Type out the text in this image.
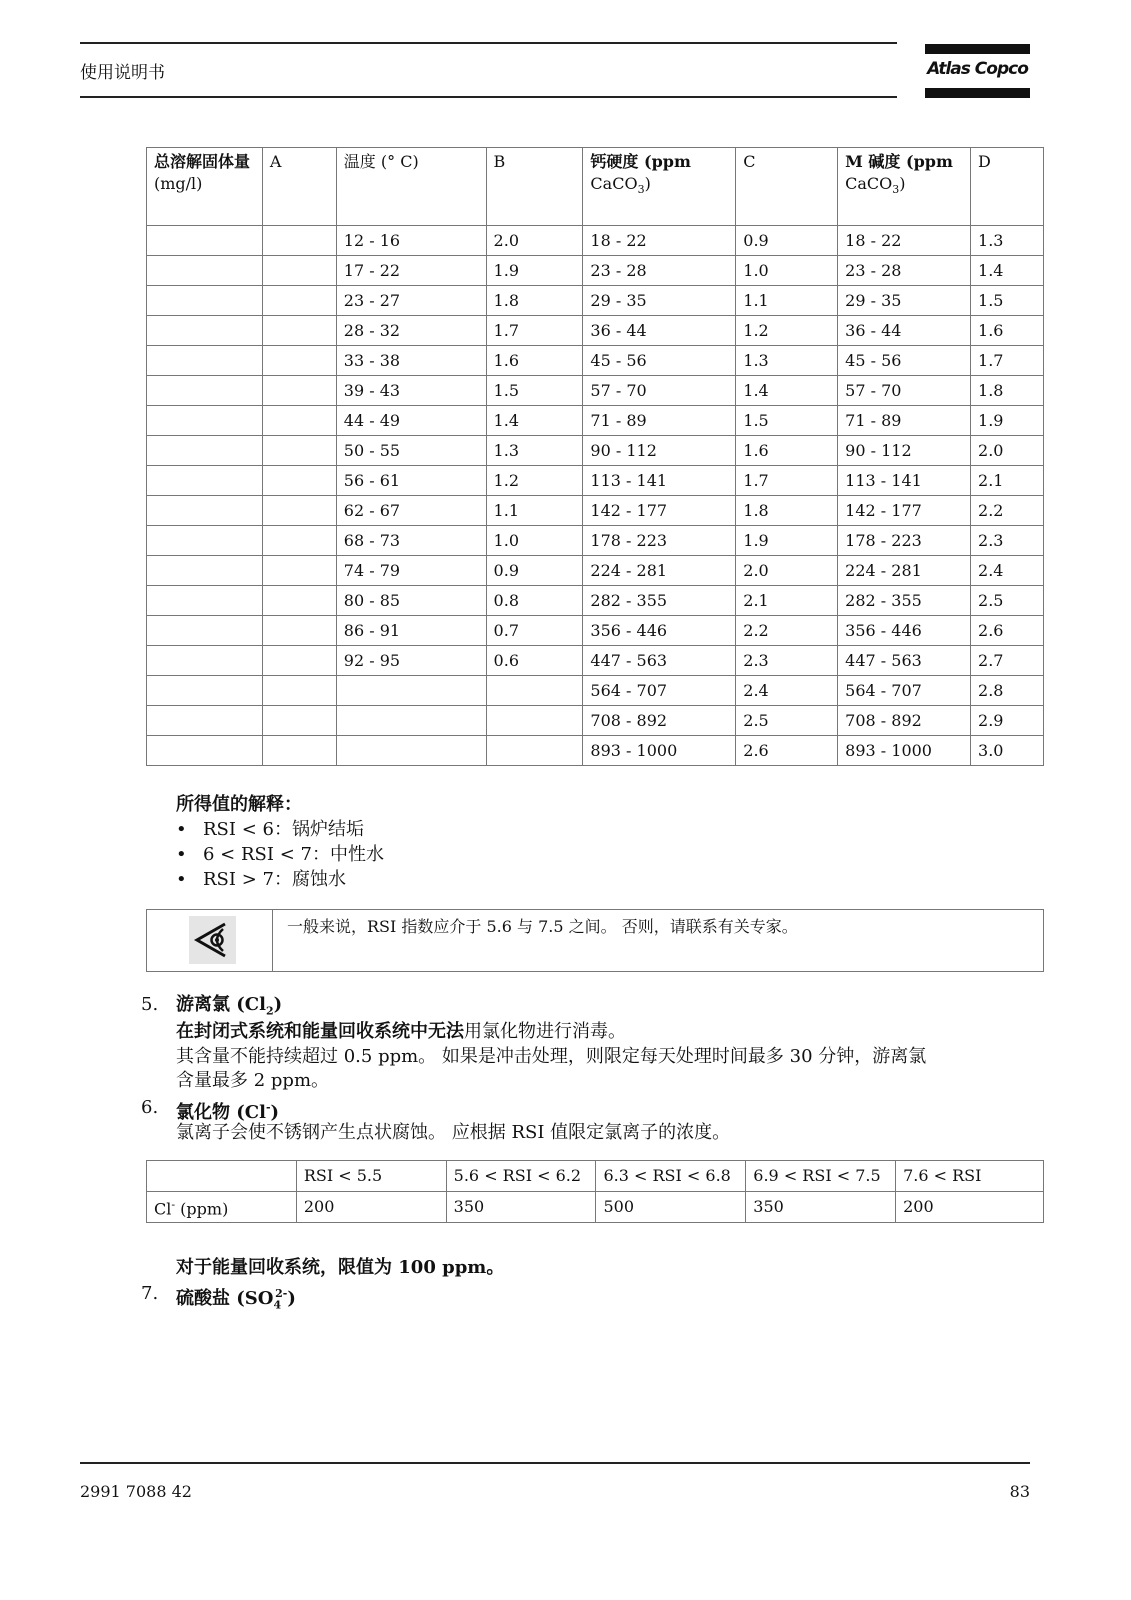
使用说明书	Atlas Copco
总溶解固体量
(mg/l)	A	温度 (° C)	B	钙硬度 (ppm
CaCO$_3$)	C	M 碱度 (ppm
CaCO$_3$)	D
		12 - 16	2.0	18 - 22	0.9	18 - 22	1.3
		17 - 22	1.9	23 - 28	1.0	23 - 28	1.4
		23 - 27	1.8	29 - 35	1.1	29 - 35	1.5
		28 - 32	1.7	36 - 44	1.2	36 - 44	1.6
		33 - 38	1.6	45 - 56	1.3	45 - 56	1.7
		39 - 43	1.5	57 - 70	1.4	57 - 70	1.8
		44 - 49	1.4	71 - 89	1.5	71 - 89	1.9
		50 - 55	1.3	90 - 112	1.6	90 - 112	2.0
		56 - 61	1.2	113 - 141	1.7	113 - 141	2.1
		62 - 67	1.1	142 - 177	1.8	142 - 177	2.2
		68 - 73	1.0	178 - 223	1.9	178 - 223	2.3
		74 - 79	0.9	224 - 281	2.0	224 - 281	2.4
		80 - 85	0.8	282 - 355	2.1	282 - 355	2.5
		86 - 91	0.7	356 - 446	2.2	356 - 446	2.6
		92 - 95	0.6	447 - 563	2.3	447 - 563	2.7
				564 - 707	2.4	564 - 707	2.8
				708 - 892	2.5	708 - 892	2.9
				893 - 1000	2.6	893 - 1000	3.0
所得值的解释：
• RSI < 6：锅炉结垢
• 6 < RSI < 7：中性水
• RSI > 7：腐蚀水
一般来说，RSI 指数应介于 5.6 与 7.5 之间。 否则，请联系有关专家。
5. 游离氯 $(Cl_2)$
在封闭式系统和能量回收系统中无法用氯化物进行消毒。
其含量不能持续超过 0.5 ppm。 如果是冲击处理，则限定每天处理时间最多 30 分钟，游离氯
含量最多 2 ppm。
6. 氯化物 (Cl-)
氯离子会使不锈钢产生点状腐蚀。 应根据 RSI 值限定氯离子的浓度。
	RSI < 5.5	5.6 < RSI < 6.2	6.3 < RSI < 6.8	6.9 < RSI < 7.5	7.6 < RSI
Cl- (ppm)	200	350	500	350	200
对于能量回收系统，限值为 100 ppm。
7. 硫酸盐 $(SO_4^{2-})$
2991 7088 42	83
